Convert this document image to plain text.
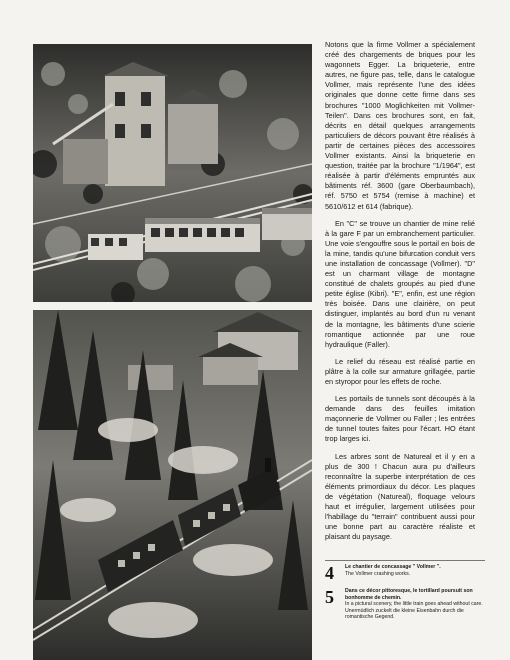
Notons que la firme Vollmer a spécialement créé des chargements de briques pour les wagonnets Egger. La briqueterie, entre autres, ne figure pas, telle, dans le catalogue Vollmer, mais représente l'une des idées originales que donne cette firme dans ses brochures "1000 Moglichkeiten mit Vollmer-Teilen". Dans ces brochures sont, en fait, décrits en détail quelques arrangements particuliers de décors pouvant être réalisés à partir de certaines pièces des accessoires Vollmer existants. Ainsi la briqueterie en question, traitée par la brochure "1/1964", est réalisée à partir d'éléments empruntés aux bâtiments réf. 3600 (gare Oberbaumbach), réf. 5750 et 5754 (remise à machine) et 5610/612 et 614 (fabrique).

En "C" se trouve un chantier de mine relié à la gare F par un embranchement particulier. Une voie s'engouffre sous le portail en bois de la mine, tandis qu'une bifurcation conduit vers une installation de concassage (Vollmer). "D" est un charmant village de montagne constitué de chalets groupés au pied d'une petite église (Kibri). "E", enfin, est une région très boisée. Dans une clairière, on peut distinguer, implantés au bord d'un ru venant de la montagne, les bâtiments d'une scierie romantique actionnée par une roue hydraulique (Faller).

Le relief du réseau est réalisé partie en plâtre à la colle sur armature grillagée, partie en styropor pour les effets de roche.

Les portails de tunnels sont découpés à la demande dans des feuilles imitation maçonnerie de Vollmer ou Faller ; les entrées de tunnel toutes faites pour l'écart. HO étant trop larges ici.

Les arbres sont de Natureal et il y en a plus de 300 ! Chacun aura pu d'ailleurs reconnaître la superbe interprétation de ces éléments primordiaux du décor. Les plaques de végétation (Natureal), floquage velours haut et irrégulier, largement utilisées pour l'habillage du "terrain" contribuent aussi pour une bonne part au caractère réaliste et plaisant du paysage.

4	Le chantier de concassage " Vollmer ".
The Vollmer crashing works.
5	Dans ce décor pittoresque, le tortillard poursuit son bonhomme de chemin.
In a pictural scenery, the little train goes ahead without care.
Unermüdlich zuckelt die kleine Eisenbahn durch die romantische Gegend.
